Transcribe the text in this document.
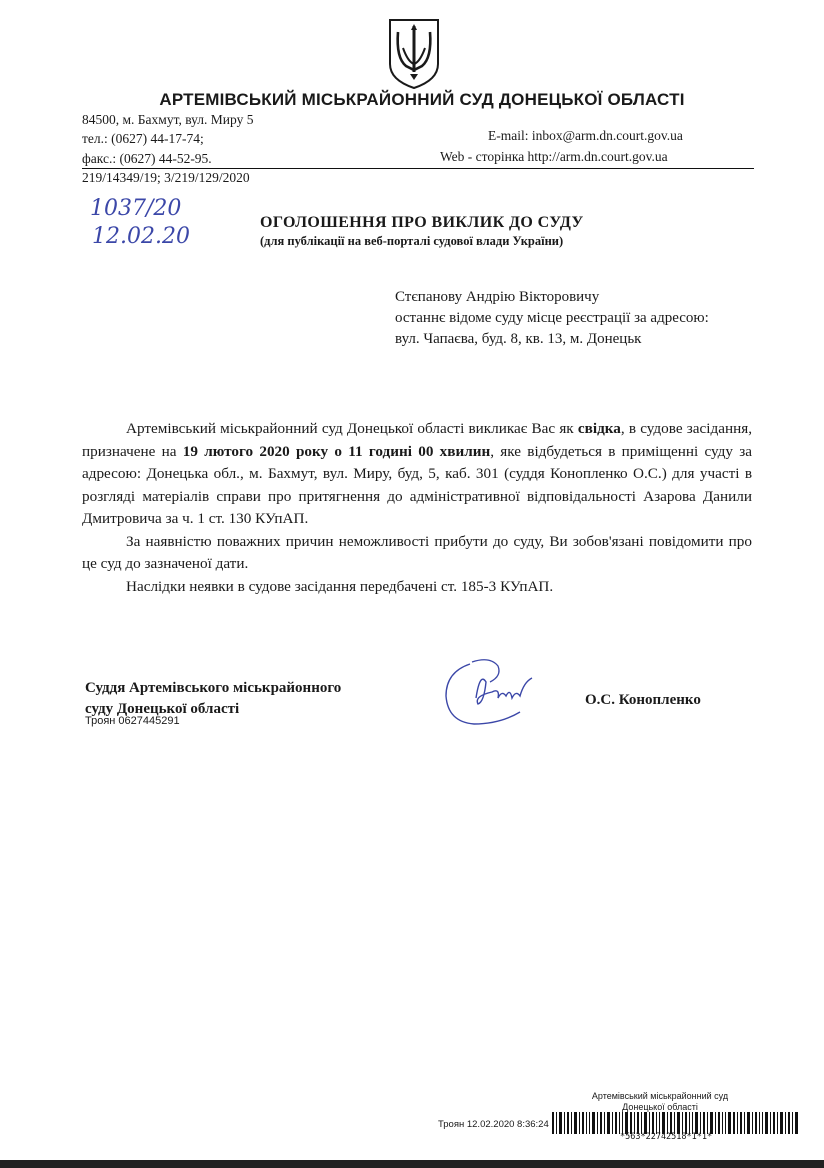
АРТЕМІВСЬКИЙ МІСЬКРАЙОННИЙ СУД ДОНЕЦЬКОЇ ОБЛАСТІ
84500, м. Бахмут, вул. Миру 5
тел.: (0627) 44-17-74;
факс.: (0627) 44-52-95.
E-mail: inbox@arm.dn.court.gov.ua
Web - сторінка http://arm.dn.court.gov.ua
219/14349/19; 3/219/129/2020
1037/20
12.02.20
ОГОЛОШЕННЯ ПРО ВИКЛИК ДО СУДУ
(для публікації на веб-порталі судової влади України)
Стєпанову Андрію Вікторовичу
останнє відоме суду місце реєстрації за адресою:
вул. Чапаєва, буд. 8, кв. 13, м. Донецьк

Артемівський міськрайонний суд Донецької області викликає Вас як свідка, в судове засідання, призначене на 19 лютого 2020 року о 11 годині 00 хвилин, яке відбудеться в приміщенні суду за адресою: Донецька обл., м. Бахмут, вул. Миру, буд, 5, каб. 301 (суддя Конопленко О.С.) для участі в розгляді матеріалів справи про притягнення до адміністративної відповідальності Азарова Данили Дмитровича за ч. 1 ст. 130 КУпАП.

За наявністю поважних причин неможливості прибути до суду, Ви зобов'язані повідомити про це суд до зазначеної дати.

Наслідки неявки в судове засідання передбачені ст. 185-3 КУпАП.

Суддя Артемівського міськрайонного
суду Донецької області
Троян 0627445291
О.С. Конопленко
Артемівський міськрайонний суд
Донецької області
Троян 12.02.2020 8:36:24
*563*22742518*1*1*
